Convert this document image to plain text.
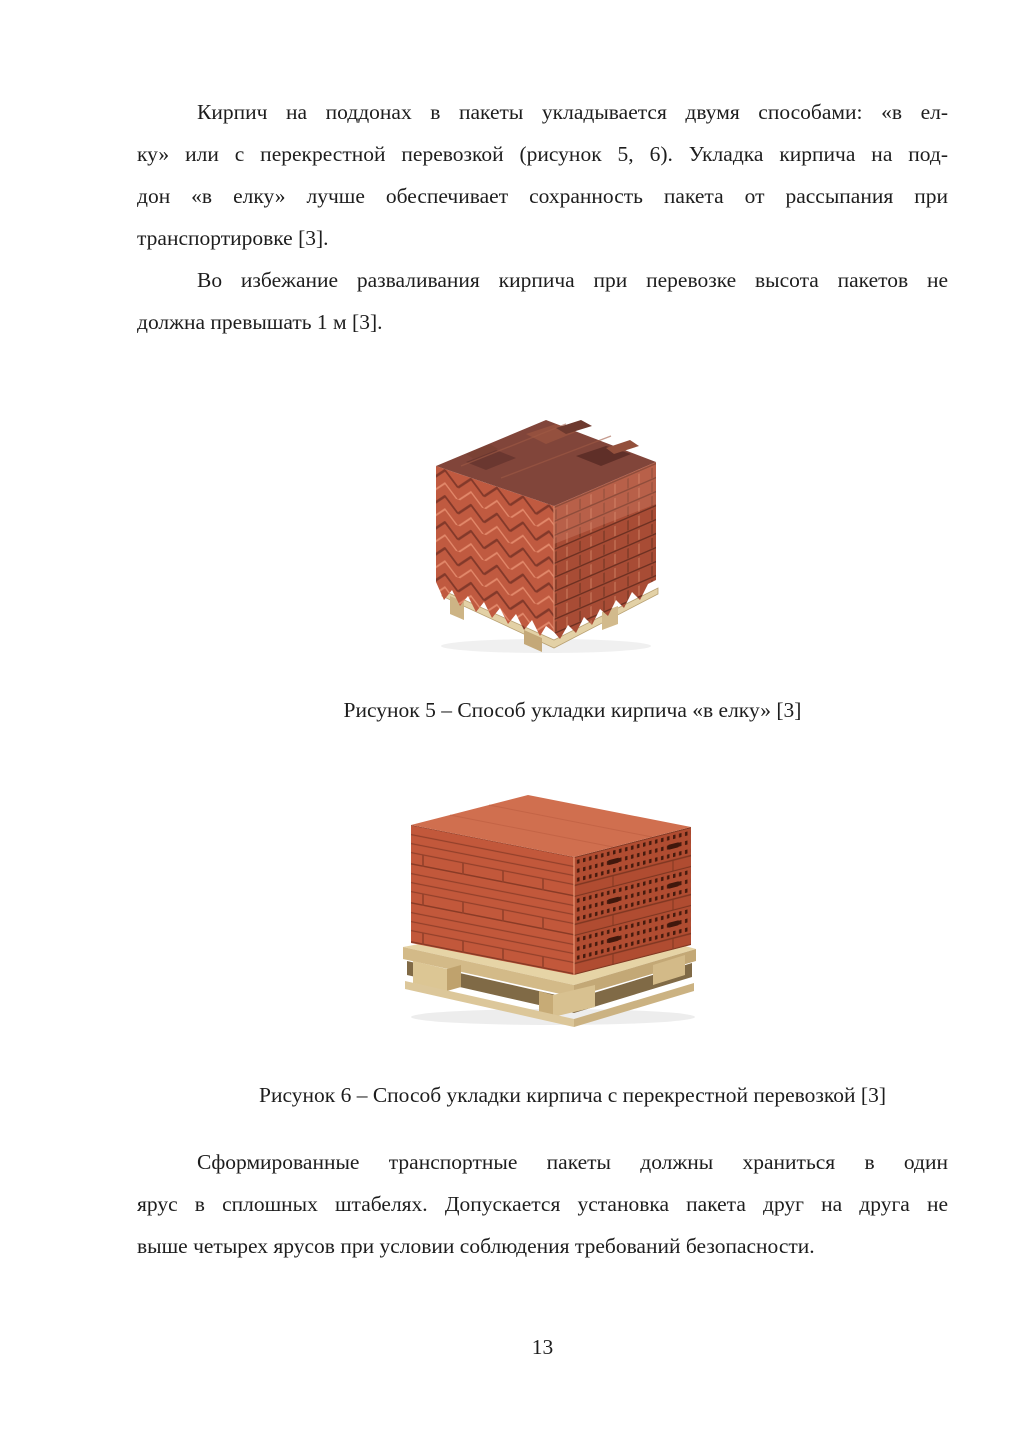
Кирпич на поддонах в пакеты укладывается двумя способами: «в ел-
ку» или с перекрестной перевозкой (рисунок 5, 6). Укладка кирпича на под-
дон «в елку» лучше обеспечивает сохранность пакета от рассыпания при
транспортировке [3].
Во избежание разваливания кирпича при перевозке высота пакетов не
должна превышать 1 м [3].
Рисунок 5 – Способ укладки кирпича «в елку» [3]
Рисунок 6 – Способ укладки кирпича с перекрестной перевозкой [3]
Сформированные транспортные пакеты должны храниться в один
ярус в сплошных штабелях. Допускается установка пакета друг на друга не
выше четырех ярусов при условии соблюдения требований безопасности.
13
